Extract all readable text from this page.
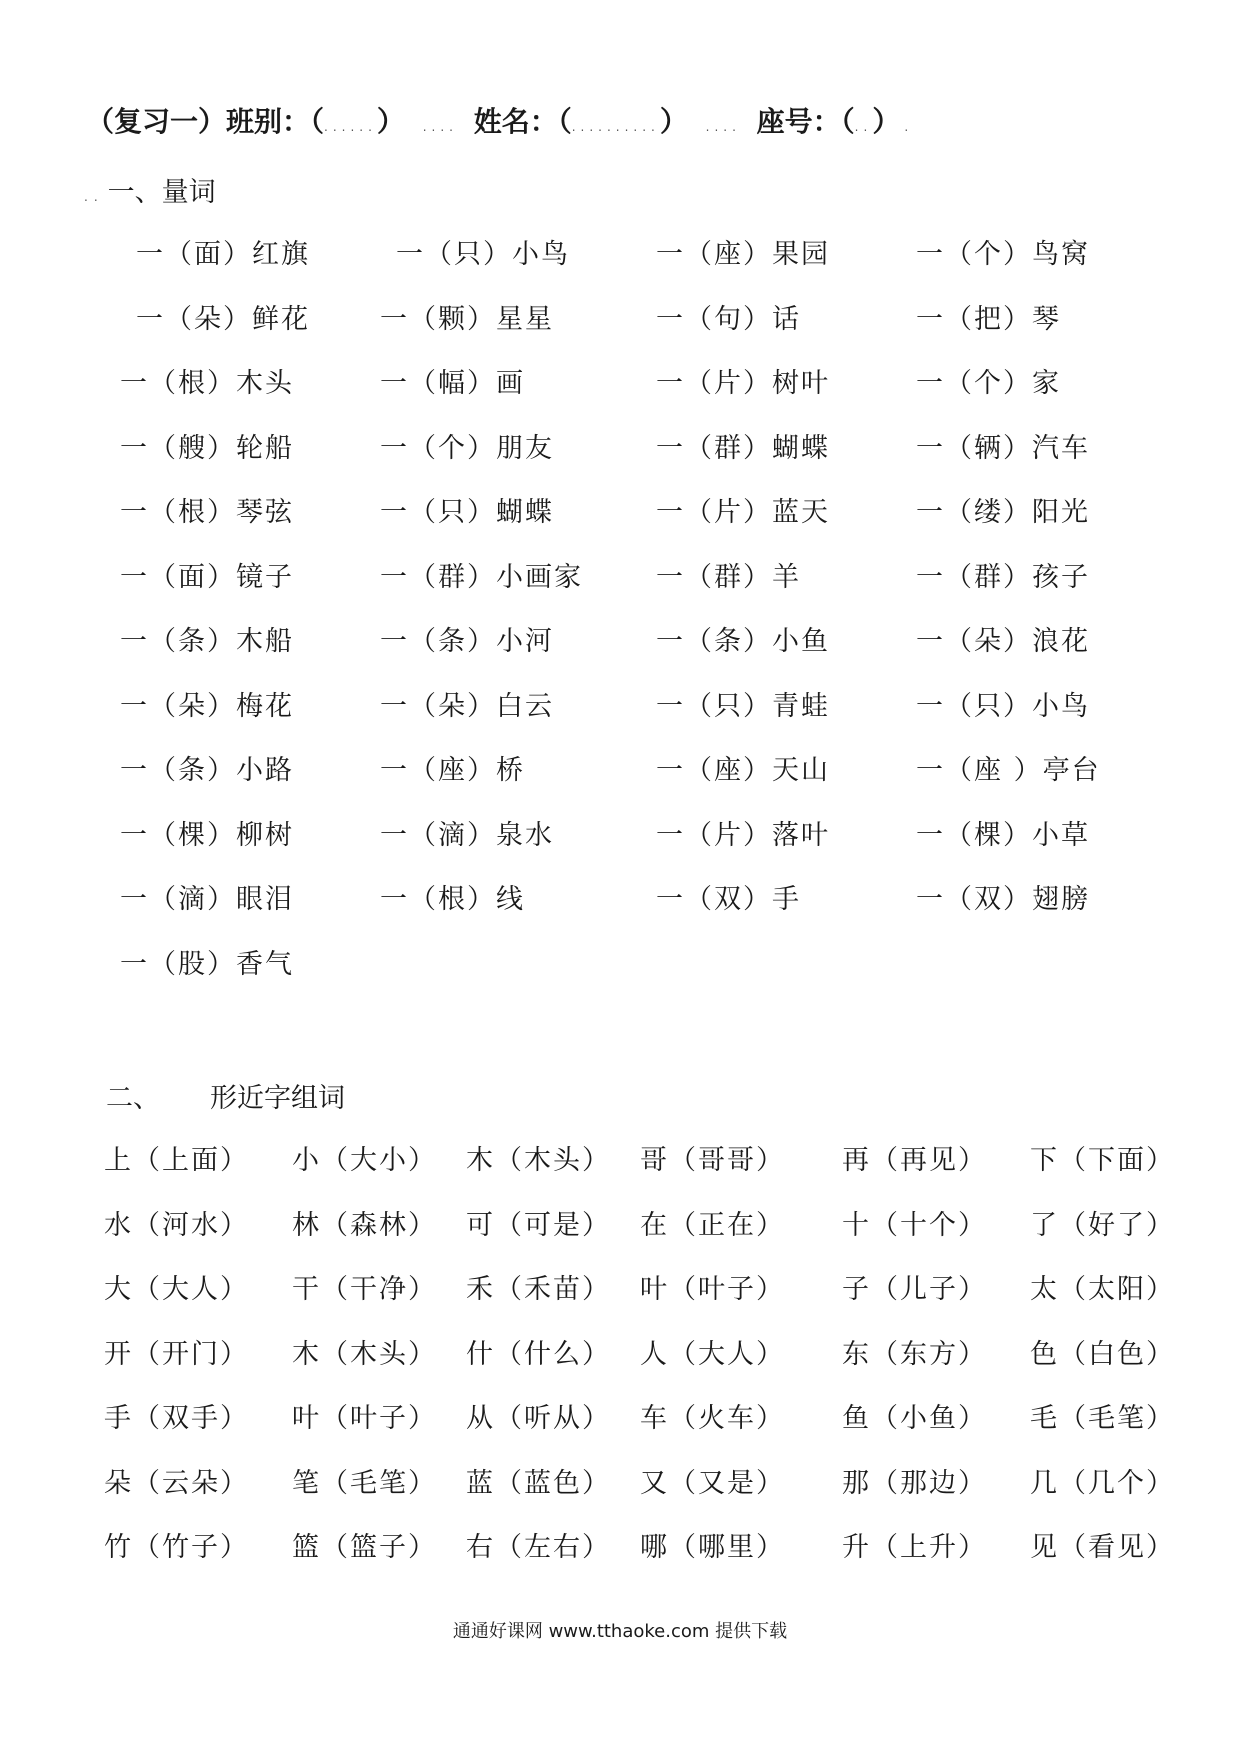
（复习一）班别：（......） .... 姓名：（..........） .... 座号：（..） .
.. 一、量词
一（面）红旗	一（只）小鸟	一（座）果园	一（个）鸟窝
一（朵）鲜花	一（颗）星星	一（句）话	一（把）琴
一（根）木头	一（幅）画	一（片）树叶	一（个）家
一（艘）轮船	一（个）朋友	一（群）蝴蝶	一（辆）汽车
一（根）琴弦	一（只）蝴蝶	一（片）蓝天	一（缕）阳光
一（面）镜子	一（群）小画家	一（群）羊	一（群）孩子
一（条）木船	一（条）小河	一（条）小鱼	一（朵）浪花
一（朵）梅花	一（朵）白云	一（只）青蛙	一（只）小鸟
一（条）小路	一（座）桥	一（座）天山	一（座 ）亭台
一（棵）柳树	一（滴）泉水	一（片）落叶	一（棵）小草
一（滴）眼泪	一（根）线	一（双）手	一（双）翅膀
一（股）香气
二、 形近字组词
上（上面） 小（大小） 木（木头） 哥（哥哥） 再（再见） 下（下面）
水（河水） 林（森林） 可（可是） 在（正在） 十（十个） 了（好了）
大（大人） 干（干净） 禾（禾苗） 叶（叶子） 子（儿子） 太（太阳）
开（开门） 木（木头） 什（什么） 人（大人） 东（东方） 色（白色）
手（双手） 叶（叶子） 从（听从） 车（火车） 鱼（小鱼） 毛（毛笔）
朵（云朵） 笔（毛笔） 蓝（蓝色） 又（又是） 那（那边） 几（几个）
竹（竹子） 篮（篮子） 右（左右） 哪（哪里） 升（上升） 见（看见）
通通好课网 www.tthaoke.com 提供下载
